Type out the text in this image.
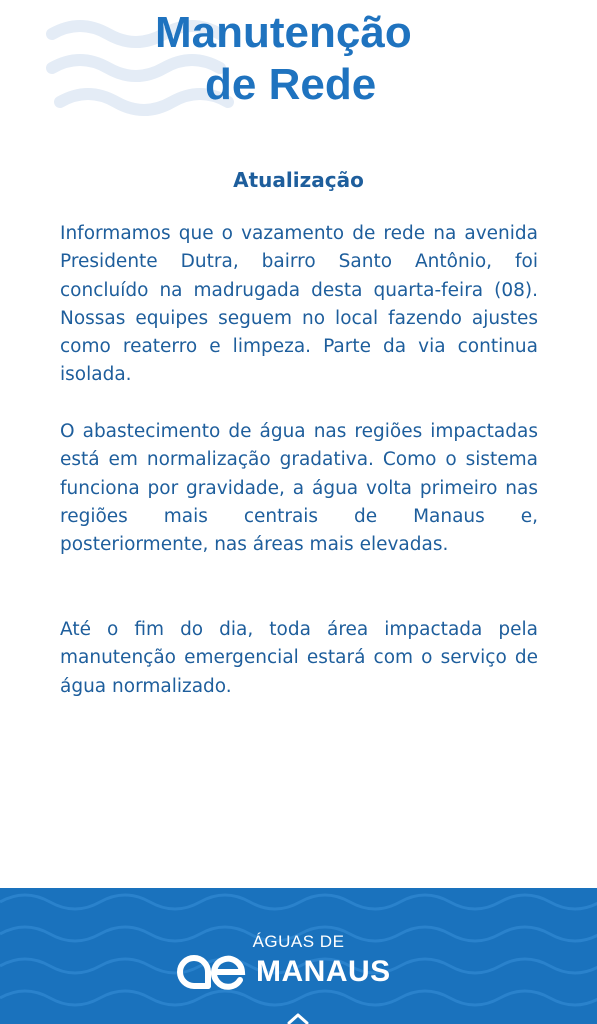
Manutenção
de Rede
Atualização

Informamos que o vazamento de rede na avenida Presidente Dutra, bairro Santo Antônio, foi concluído na madrugada desta quarta-feira (08). Nossas equipes seguem no local fazendo ajustes como reaterro e limpeza. Parte da via continua isolada.

O abastecimento de água nas regiões impactadas está em normalização gradativa. Como o sistema funciona por gravidade, a água volta primeiro nas regiões mais centrais de Manaus e, posteriormente, nas áreas mais elevadas.

Até o fim do dia, toda área impactada pela manutenção emergencial estará com o serviço de água normalizado.

ÁGUAS DE
MANAUS
